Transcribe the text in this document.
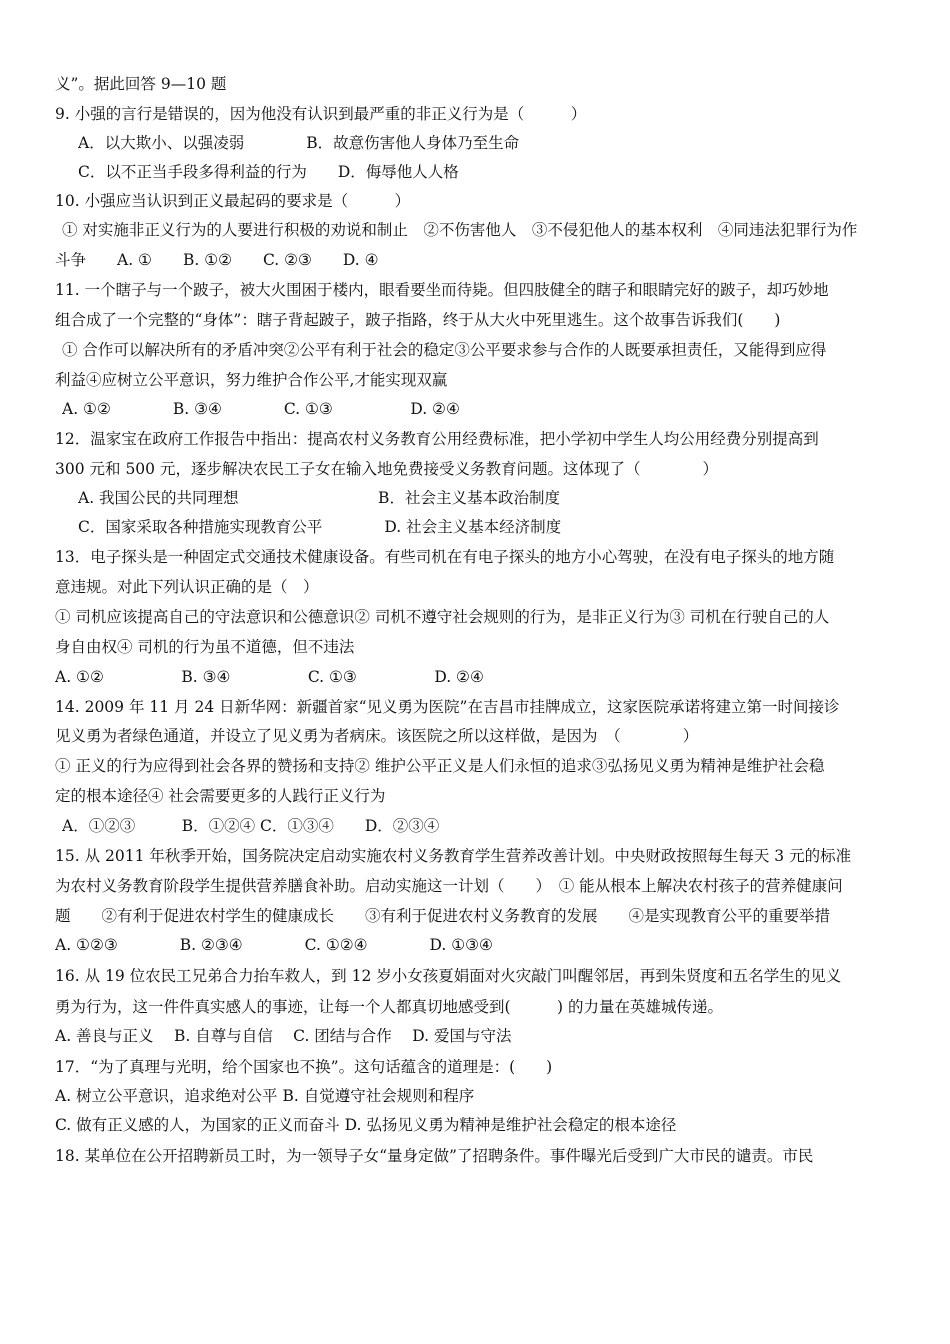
义”。据此回答 9—10 题
9. 小强的言行是错误的，因为他没有认识到最严重的非正义行为是（　　　）
A．以大欺小、以强凌弱　　　　B．故意伤害他人身体乃至生命
C．以不正当手段多得利益的行为　　D．侮辱他人人格
10. 小强应当认识到正义最起码的要求是（　　　）
① 对实施非正义行为的人要进行积极的劝说和制止　②不伤害他人　③不侵犯他人的基本权利　④同违法犯罪行为作
斗争　　A. ①　　B. ①②　　C. ②③　　D. ④
11. 一个瞎子与一个跛子，被大火围困于楼内，眼看要坐而待毙。但四肢健全的瞎子和眼睛完好的跛子，却巧妙地
组合成了一个完整的“身体”：瞎子背起跛子，跛子指路，终于从大火中死里逃生。这个故事告诉我们(　　)
① 合作可以解决所有的矛盾冲突②公平有利于社会的稳定③公平要求参与合作的人既要承担责任，又能得到应得
利益④应树立公平意识，努力维护合作公平,才能实现双赢
A. ①②　　　　B. ③④　　　　C. ①③　　　　　D. ②④
12．温家宝在政府工作报告中指出：提高农村义务教育公用经费标准，把小学初中学生人均公用经费分别提高到
300 元和 500 元，逐步解决农民工子女在输入地免费接受义务教育问题。这体现了（　　　　）
A. 我国公民的共同理想　　　　　　　　　B．社会主义基本政治制度
C．国家采取各种措施实现教育公平　　　　D. 社会主义基本经济制度
13．电子探头是一种固定式交通技术健康设备。有些司机在有电子探头的地方小心驾驶，在没有电子探头的地方随
意违规。对此下列认识正确的是（　）
① 司机应该提高自己的守法意识和公德意识② 司机不遵守社会规则的行为，是非正义行为③ 司机在行驶自己的人
身自由权④ 司机的行为虽不道德，但不违法
A. ①②　　　　　B. ③④　　　　　C. ①③　　　　　D. ②④
14. 2009 年 11 月 24 日新华网：新疆首家“见义勇为医院”在吉昌市挂牌成立，这家医院承诺将建立第一时间接诊
见义勇为者绿色通道，并设立了见义勇为者病床。该医院之所以这样做，是因为　（　　　　）
① 正义的行为应得到社会各界的赞扬和支持② 维护公平正义是人们永恒的追求③弘扬见义勇为精神是维护社会稳
定的根本途径④ 社会需要更多的人践行正义行为
A．①②③　　　B．①②④ C．①③④　　D．②③④
15. 从 2011 年秋季开始，国务院决定启动实施农村义务教育学生营养改善计划。中央财政按照每生每天 3 元的标准
为农村义务教育阶段学生提供营养膳食补助。启动实施这一计划（　　）　① 能从根本上解决农村孩子的营养健康问
题　　②有利于促进农村学生的健康成长　　③有利于促进农村义务教育的发展　　④是实现教育公平的重要举措
A. ①②③　　　　B. ②③④　　　　C. ①②④　　　　D. ①③④
16. 从 19 位农民工兄弟合力抬车救人，到 12 岁小女孩夏娟面对火灾敲门叫醒邻居，再到朱贤度和五名学生的见义
勇为行为，这一件件真实感人的事迹，让每一个人都真切地感受到(　　　) 的力量在英雄城传递。
A. 善良与正义　 B. 自尊与自信　 C. 团结与合作　 D. 爱国与守法
17．“为了真理与光明，给个国家也不换”。这句话蕴含的道理是：(　　)
A. 树立公平意识，追求绝对公平 B. 自觉遵守社会规则和程序
C. 做有正义感的人，为国家的正义而奋斗 D. 弘扬见义勇为精神是维护社会稳定的根本途径
18. 某单位在公开招聘新员工时，为一领导子女“量身定做”了招聘条件。事件曝光后受到广大市民的谴责。市民
